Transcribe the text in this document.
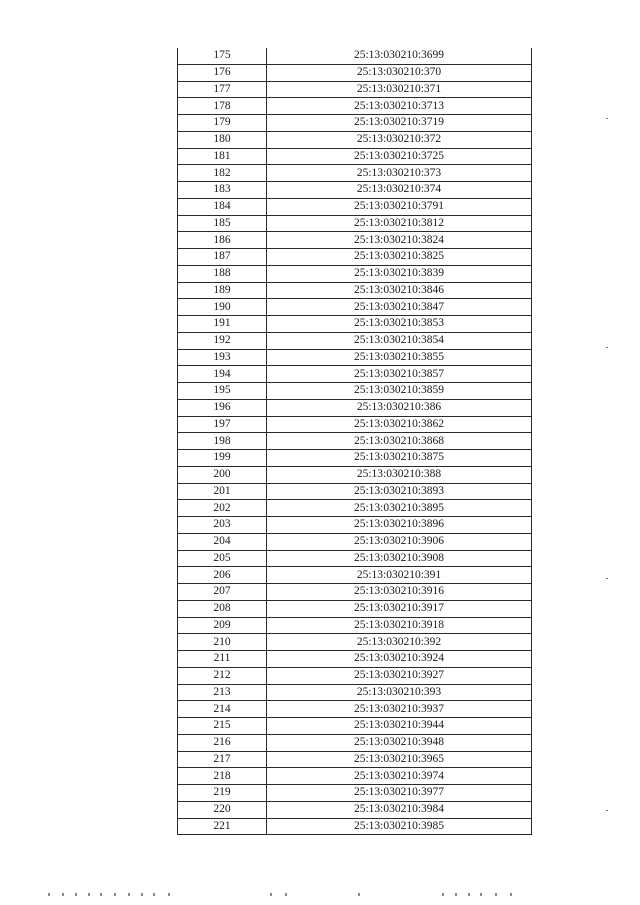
175	25:13:030210:3699
176	25:13:030210:370
177	25:13:030210:371
178	25:13:030210:3713
179	25:13:030210:3719
180	25:13:030210:372
181	25:13:030210:3725
182	25:13:030210:373
183	25:13:030210:374
184	25:13:030210:3791
185	25:13:030210:3812
186	25:13:030210:3824
187	25:13:030210:3825
188	25:13:030210:3839
189	25:13:030210:3846
190	25:13:030210:3847
191	25:13:030210:3853
192	25:13:030210:3854
193	25:13:030210:3855
194	25:13:030210:3857
195	25:13:030210:3859
196	25:13:030210:386
197	25:13:030210:3862
198	25:13:030210:3868
199	25:13:030210:3875
200	25:13:030210:388
201	25:13:030210:3893
202	25:13:030210:3895
203	25:13:030210:3896
204	25:13:030210:3906
205	25:13:030210:3908
206	25:13:030210:391
207	25:13:030210:3916
208	25:13:030210:3917
209	25:13:030210:3918
210	25:13:030210:392
211	25:13:030210:3924
212	25:13:030210:3927
213	25:13:030210:393
214	25:13:030210:3937
215	25:13:030210:3944
216	25:13:030210:3948
217	25:13:030210:3965
218	25:13:030210:3974
219	25:13:030210:3977
220	25:13:030210:3984
221	25:13:030210:3985
